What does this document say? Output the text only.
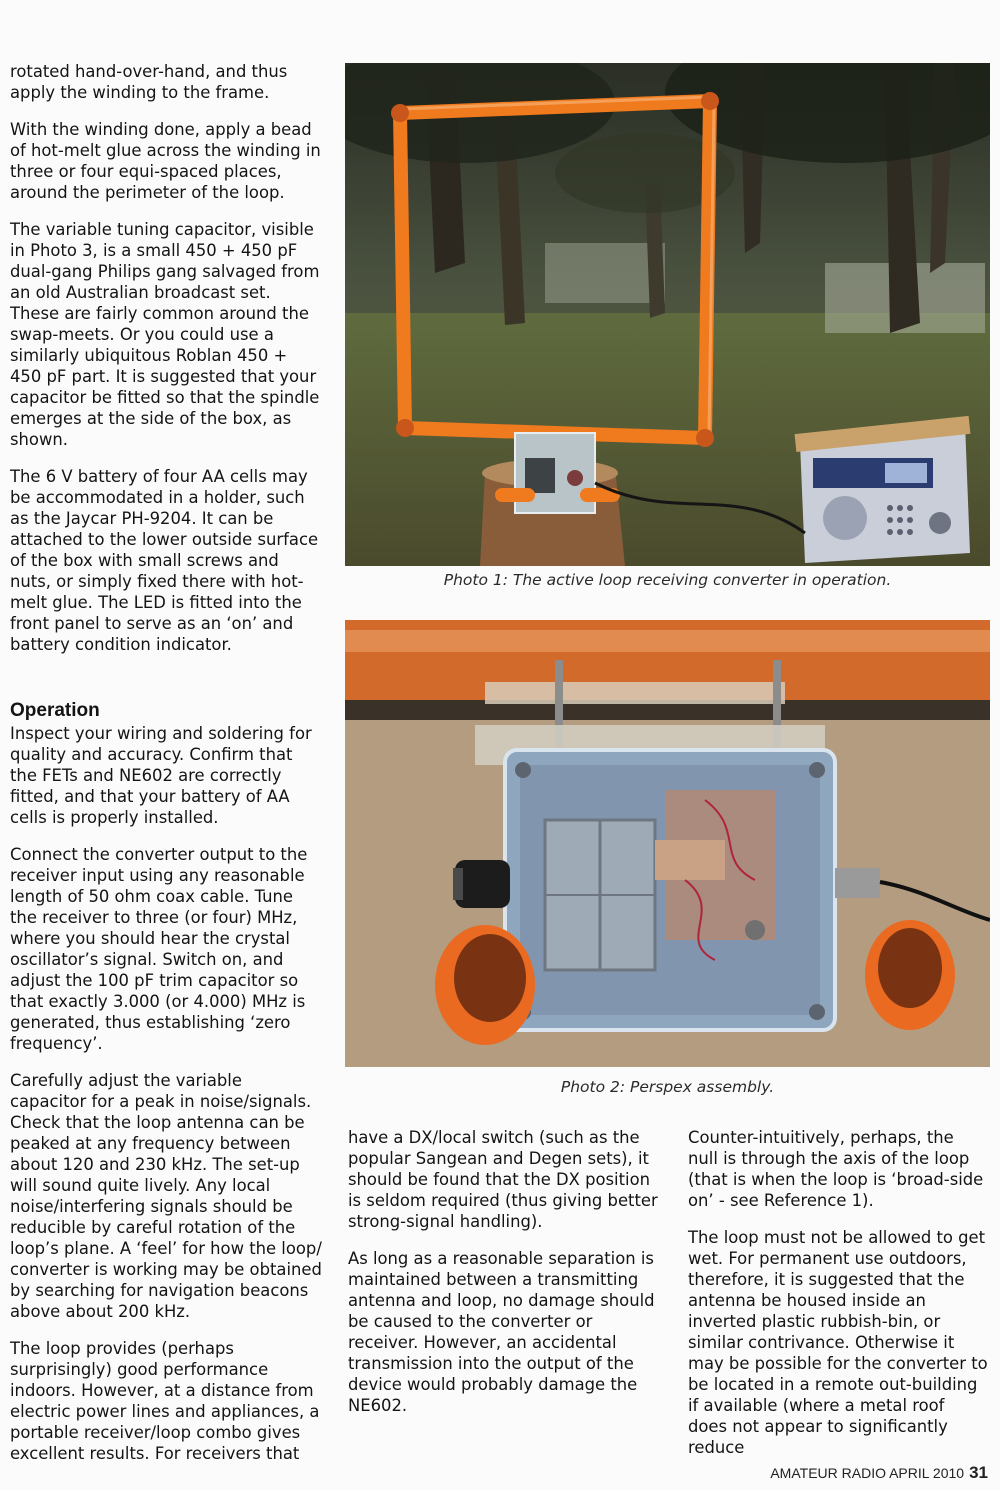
rotated hand-over-hand, and thus apply the winding to the frame.

With the winding done, apply a bead of hot-melt glue across the winding in three or four equi-spaced places, around the perimeter of the loop.

The variable tuning capacitor, visible in Photo 3, is a small 450 + 450 pF dual-gang Philips gang salvaged from an old Australian broadcast set. These are fairly common around the swap-meets. Or you could use a similarly ubiquitous Roblan 450 + 450 pF part. It is suggested that your capacitor be fitted so that the spindle emerges at the side of the box, as shown.

The 6 V battery of four AA cells may be accommodated in a holder, such as the Jaycar PH-9204. It can be attached to the lower outside surface of the box with small screws and nuts, or simply fixed there with hot-melt glue. The LED is fitted into the front panel to serve as an ‘on’ and battery condition indicator.

Operation

Inspect your wiring and soldering for quality and accuracy. Confirm that the FETs and NE602 are correctly fitted, and that your battery of AA cells is properly installed.

Connect the converter output to the receiver input using any reasonable length of 50 ohm coax cable. Tune the receiver to three (or four) MHz, where you should hear the crystal oscillator’s signal. Switch on, and adjust the 100 pF trim capacitor so that exactly 3.000 (or 4.000) MHz is generated, thus establishing ‘zero frequency’.

Carefully adjust the variable capacitor for a peak in noise/signals. Check that the loop antenna can be peaked at any frequency between about 120 and 230 kHz. The set-up will sound quite lively. Any local noise/interfering signals should be reducible by careful rotation of the loop’s plane. A ‘feel’ for how the loop/ converter is working may be obtained by searching for navigation beacons above about 200 kHz.

The loop provides (perhaps surprisingly) good performance indoors. However, at a distance from electric power lines and appliances, a portable receiver/loop combo gives excellent results. For receivers that

Photo 1: The active loop receiving converter in operation.
Photo 2: Perspex assembly.

have a DX/local switch (such as the popular Sangean and Degen sets), it should be found that the DX position is seldom required (thus giving better strong-signal handling).

As long as a reasonable separation is maintained between a transmitting antenna and loop, no damage should be caused to the converter or receiver. However, an accidental transmission into the output of the device would probably damage the NE602.

Counter-intuitively, perhaps, the null is through the axis of the loop (that is when the loop is ‘broad-side on’ - see Reference 1).

The loop must not be allowed to get wet. For permanent use outdoors, therefore, it is suggested that the antenna be housed inside an inverted plastic rubbish-bin, or similar contrivance. Otherwise it may be possible for the converter to be located in a remote out-building if available (where a metal roof does not appear to significantly reduce

AMATEUR RADIO APRIL 2010 31
